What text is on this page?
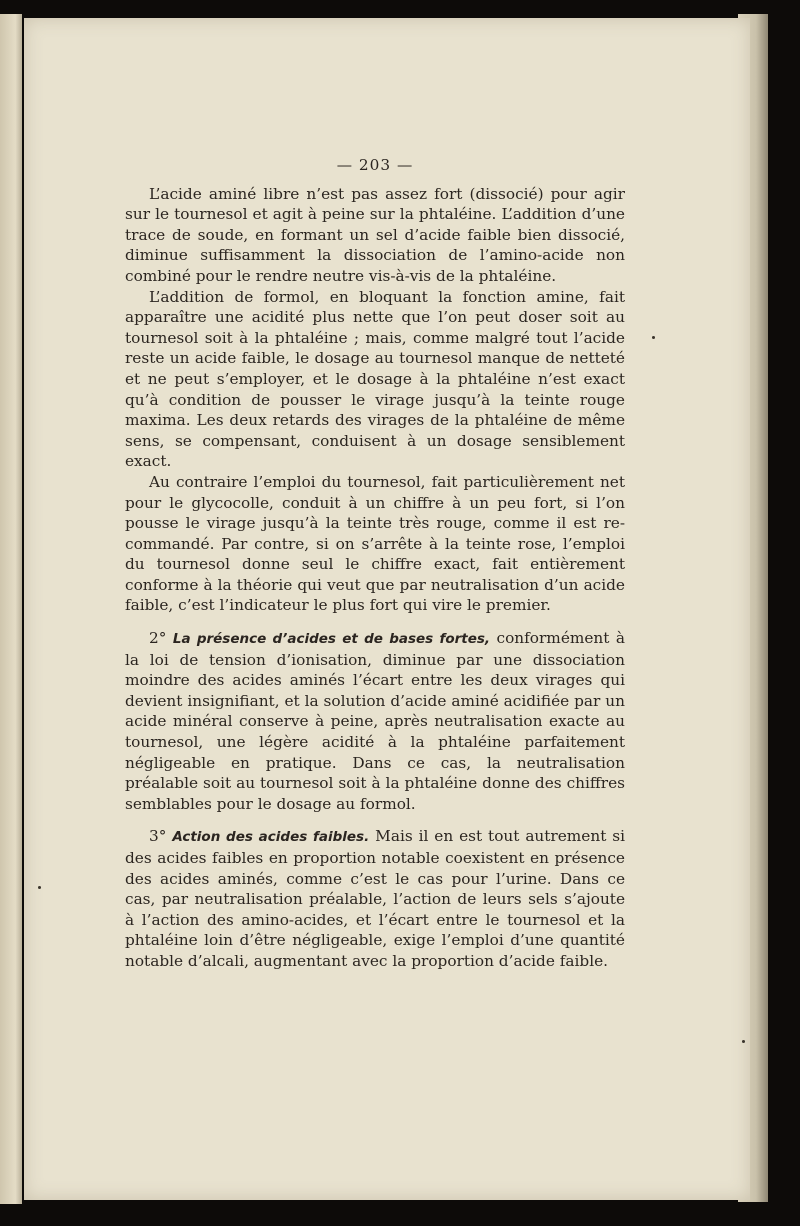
— 203 —

L’acide aminé libre n’est pas assez fort (dissocié) pour agir sur le tournesol et agit à peine sur la phtaléine. L’addition d’une trace de soude, en formant un sel d’acide faible bien dissocié, diminue suffisamment la dissociation de l’amino-acide non combiné pour le rendre neutre vis-à-vis de la phtaléine.

L’addition de formol, en bloquant la fonction amine, fait apparaître une acidité plus nette que l’on peut doser soit au tournesol soit à la phtaléine ; mais, comme malgré tout l’acide reste un acide faible, le dosage au tournesol manque de netteté et ne peut s’employer, et le dosage à la phtaléine n’est exact qu’à condition de pousser le virage jusqu’à la teinte rouge maxima. Les deux retards des virages de la phtaléine de même sens, se compensant, conduisent à un dosage sensiblement exact.

Au contraire l’emploi du tournesol, fait particulièrement net pour le glycocolle, conduit à un chiffre à un peu fort, si l’on pousse le virage jusqu’à la teinte très rouge, comme il est recommandé. Par contre, si on s’arrête à la teinte rose, l’emploi du tournesol donne seul le chiffre exact, fait entièrement conforme à la théorie qui veut que par neutralisation d’un acide faible, c’est l’indicateur le plus fort qui vire le premier.

2° La présence d’acides et de bases fortes, conformément à la loi de tension d’ionisation, diminue par une dissociation moindre des acides aminés l’écart entre les deux virages qui devient insignifiant, et la solution d’acide aminé acidifiée par un acide minéral conserve à peine, après neutralisation exacte au tournesol, une légère acidité à la phtaléine parfaitement négligeable en pratique. Dans ce cas, la neutralisation préalable soit au tournesol soit à la phtaléine donne des chiffres semblables pour le dosage au formol.

3° Action des acides faibles. Mais il en est tout autrement si des acides faibles en proportion notable coexistent en présence des acides aminés, comme c’est le cas pour l’urine. Dans ce cas, par neutralisation préalable, l’action de leurs sels s’ajoute à l’action des amino-acides, et l’écart entre le tournesol et la phtaléine loin d’être négligeable, exige l’emploi d’une quantité notable d’alcali, augmentant avec la proportion d’acide faible.
